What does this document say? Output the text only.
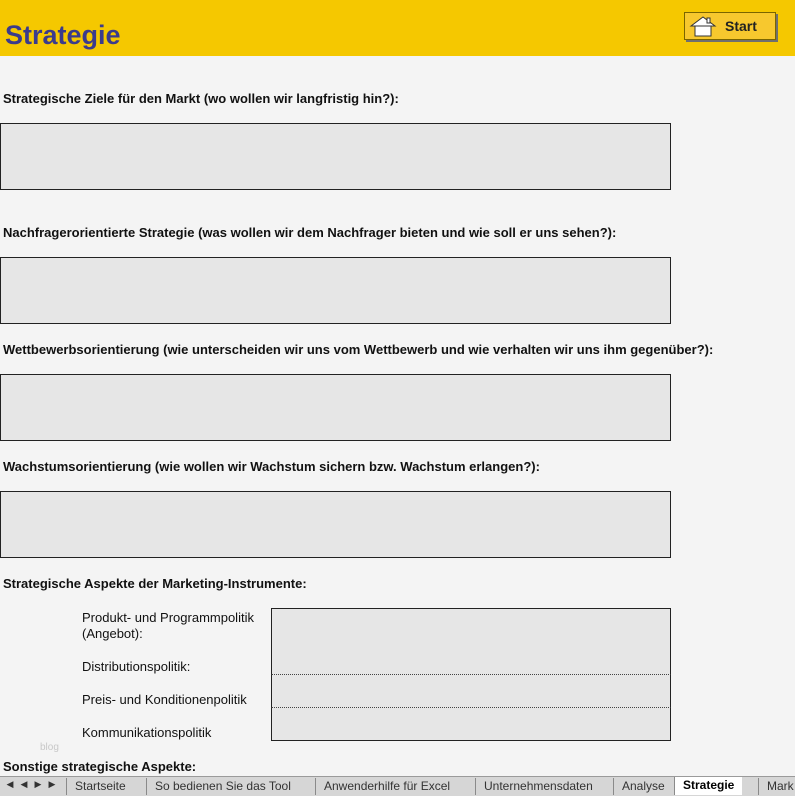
Strategie	Start
Strategische Ziele für den Markt (wo wollen wir langfristig hin?):
Nachfragerorientierte Strategie (was wollen wir dem Nachfrager bieten und wie soll er uns sehen?):
Wettbewerbsorientierung (wie unterscheiden wir uns vom Wettbewerb und wie verhalten wir uns ihm gegenüber?):
Wachstumsorientierung (wie wollen wir Wachstum sichern bzw. Wachstum erlangen?):
Strategische Aspekte der Marketing-Instrumente:
Produkt- und Programmpolitik (Angebot):
Distributionspolitik:
Preis- und Konditionenpolitik
Kommunikationspolitik
blog
Sonstige strategische Aspekte:
◀ ◀ ▶ ▶	Startseite	So bedienen Sie das Tool	Anwenderhilfe für Excel	Unternehmensdaten	Analyse	Strategie	Mark
